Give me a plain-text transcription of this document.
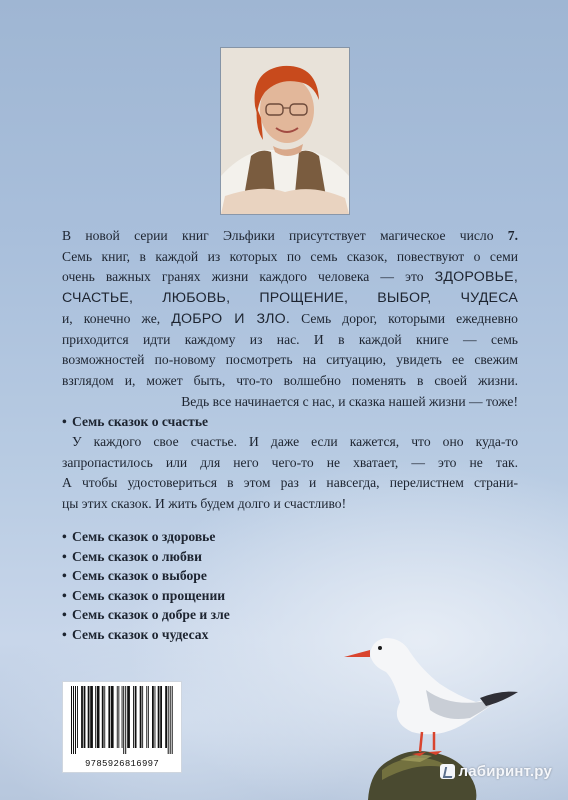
В новой серии книг Эльфики присутствует магическое число 7.

Семь книг, в каждой из которых по семь сказок, повествуют о семи

очень важных гранях жизни каждого человека — это ЗДОРОВЬЕ,

СЧАСТЬЕ, ЛЮБОВЬ, ПРОЩЕНИЕ, ВЫБОР, ЧУДЕСА

и, конечно же, ДОБРО И ЗЛО. Семь дорог, которыми ежедневно

приходится идти каждому из нас. И в каждой книге — семь

возможностей по-новому посмотреть на ситуацию, увидеть ее свежим

взглядом и, может быть, что-то волшебно поменять в своей жизни.

Ведь все начинается с нас, и сказка нашей жизни — тоже!

• Семь сказок о счастье
У каждого свое счастье. И даже если кажется, что оно куда-то
запропастилось или для него чего-то не хватает, — это не так.
А чтобы удостовериться в этом раз и навсегда, перелистнем страни-
цы этих сказок. И жить будем долго и счастливо!
• Семь сказок о здоровье
• Семь сказок о любви
• Семь сказок о выборе
• Семь сказок о прощении
• Семь сказок о добре и зле
• Семь сказок о чудесах
9785926816997	лабиринт.ру
